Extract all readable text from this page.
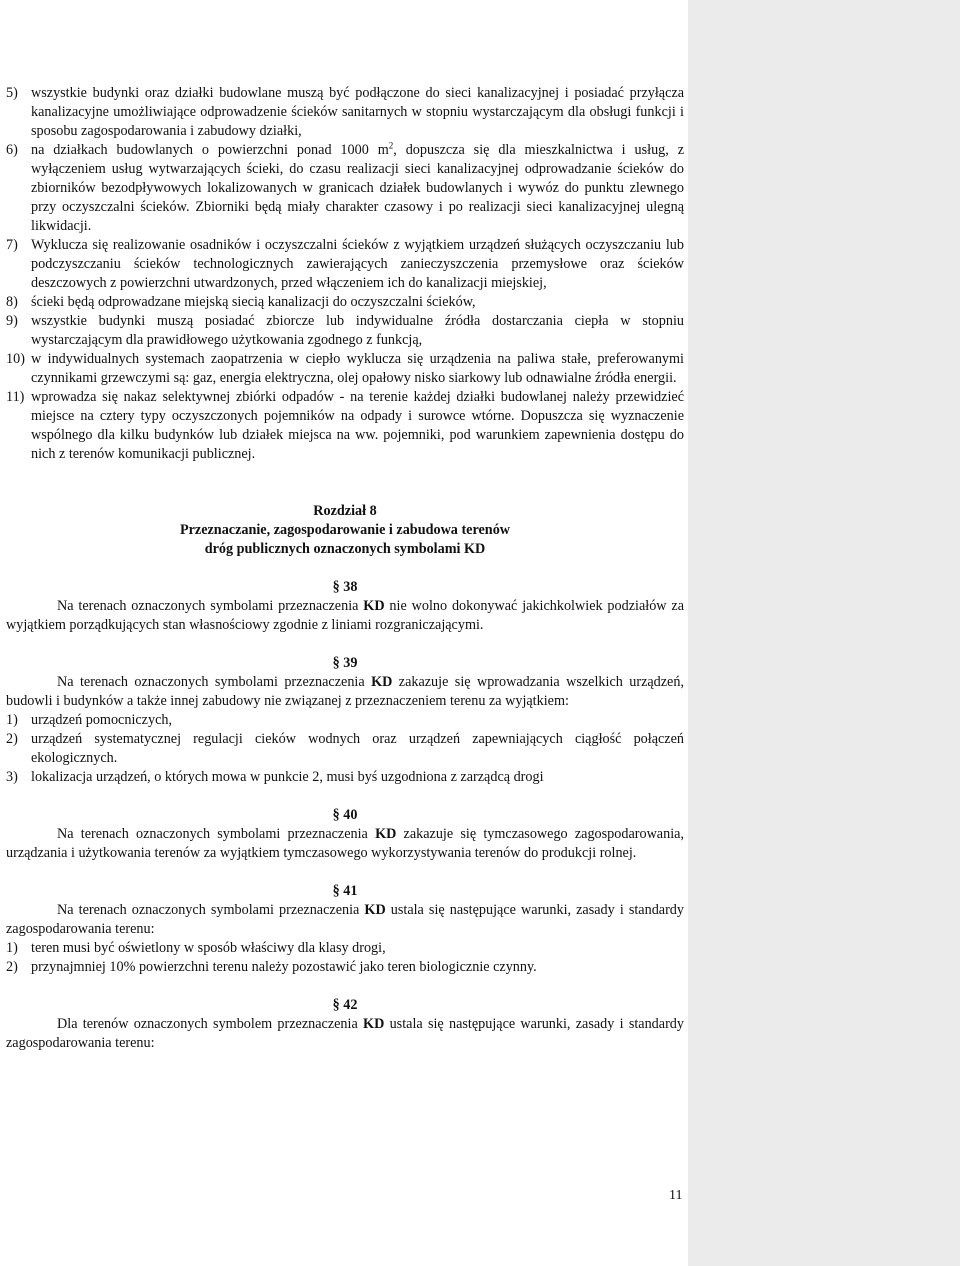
5) wszystkie budynki oraz działki budowlane muszą być podłączone do sieci kanalizacyjnej i posiadać przyłącza kanalizacyjne umożliwiające odprowadzenie ścieków sanitarnych w stopniu wystarczającym dla obsługi funkcji i sposobu zagospodarowania i zabudowy działki,
6) na działkach budowlanych o powierzchni ponad 1000 $m^2$, dopuszcza się dla mieszkalnictwa i usług, z wyłączeniem usług wytwarzających ścieki, do czasu realizacji sieci kanalizacyjnej odprowadzanie ścieków do zbiorników bezodpływowych lokalizowanych w granicach działek budowlanych i wywóz do punktu zlewnego przy oczyszczalni ścieków. Zbiorniki będą miały charakter czasowy i po realizacji sieci kanalizacyjnej ulegną likwidacji.
7) Wyklucza się realizowanie osadników i oczyszczalni ścieków z wyjątkiem urządzeń służących oczyszczaniu lub podczyszczaniu ścieków technologicznych zawierających zanieczyszczenia przemysłowe oraz ścieków deszczowych z powierzchni utwardzonych, przed włączeniem ich do kanalizacji miejskiej,
8) ścieki będą odprowadzane miejską siecią kanalizacji do oczyszczalni ścieków,
9) wszystkie budynki muszą posiadać zbiorcze lub indywidualne źródła dostarczania ciepła w stopniu wystarczającym dla prawidłowego użytkowania zgodnego z funkcją,
10) w indywidualnych systemach zaopatrzenia w ciepło wyklucza się urządzenia na paliwa stałe, preferowanymi czynnikami grzewczymi są: gaz, energia elektryczna, olej opałowy nisko siarkowy lub odnawialne źródła energii.
11) wprowadza się nakaz selektywnej zbiórki odpadów - na terenie każdej działki budowlanej należy przewidzieć miejsce na cztery typy oczyszczonych pojemników na odpady i surowce wtórne. Dopuszcza się wyznaczenie wspólnego dla kilku budynków lub działek miejsca na ww. pojemniki, pod warunkiem zapewnienia dostępu do nich z terenów komunikacji publicznej.
Rozdział 8
Przeznaczanie, zagospodarowanie i zabudowa terenów
dróg publicznych oznaczonych symbolami KD
§ 38

Na terenach oznaczonych symbolami przeznaczenia KD nie wolno dokonywać jakichkolwiek podziałów za wyjątkiem porządkujących stan własnościowy zgodnie z liniami rozgraniczającymi.

§ 39

Na terenach oznaczonych symbolami przeznaczenia KD zakazuje się wprowadzania wszelkich urządzeń, budowli i budynków a także innej zabudowy nie związanej z przeznaczeniem terenu za wyjątkiem:

1) urządzeń pomocniczych,
2) urządzeń systematycznej regulacji cieków wodnych oraz urządzeń zapewniających ciągłość połączeń ekologicznych.
3) lokalizacja urządzeń, o których mowa w punkcie 2, musi byś uzgodniona z zarządcą drogi
§ 40

Na terenach oznaczonych symbolami przeznaczenia KD zakazuje się tymczasowego zagospodarowania, urządzania i użytkowania terenów za wyjątkiem tymczasowego wykorzystywania terenów do produkcji rolnej.

§ 41

Na terenach oznaczonych symbolami przeznaczenia KD ustala się następujące warunki, zasady i standardy zagospodarowania terenu:

1) teren musi być oświetlony w sposób właściwy dla klasy drogi,
2) przynajmniej 10% powierzchni terenu należy pozostawić jako teren biologicznie czynny.
§ 42

Dla terenów oznaczonych symbolem przeznaczenia KD ustala się następujące warunki, zasady i standardy zagospodarowania terenu:

11
